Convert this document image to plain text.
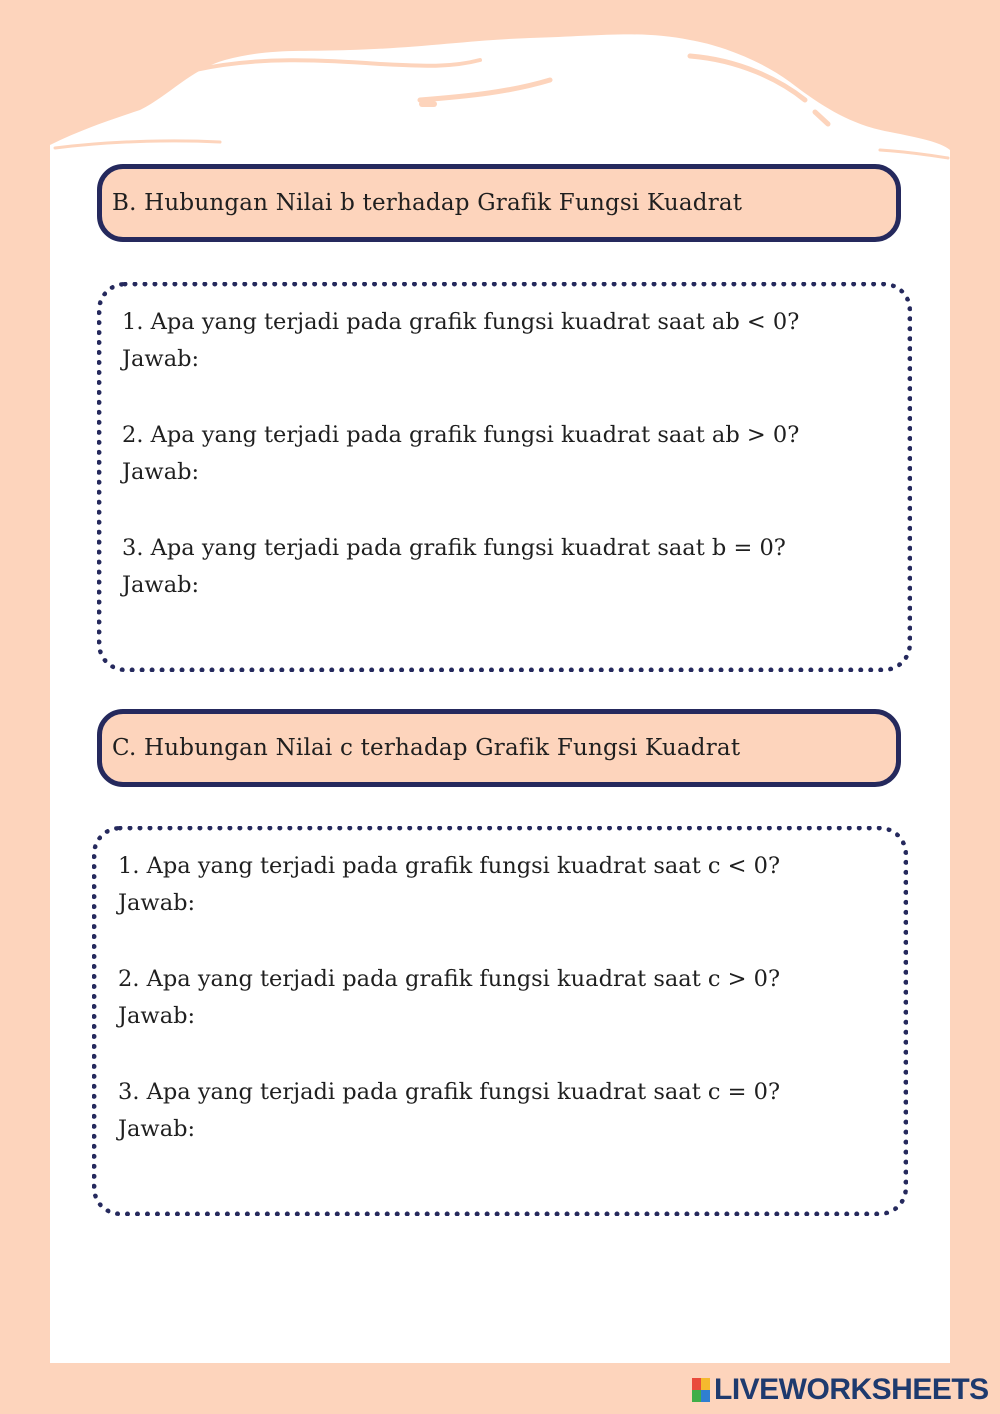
B. Hubungan Nilai b terhadap Grafik Fungsi Kuadrat
1. Apa yang terjadi pada grafik fungsi kuadrat saat ab < 0?
Jawab:
2. Apa yang terjadi pada grafik fungsi kuadrat saat ab > 0?
Jawab:
3. Apa yang terjadi pada grafik fungsi kuadrat saat b = 0?
Jawab:
C. Hubungan Nilai c terhadap Grafik Fungsi Kuadrat
1. Apa yang terjadi pada grafik fungsi kuadrat saat c < 0?
Jawab:
2. Apa yang terjadi pada grafik fungsi kuadrat saat c > 0?
Jawab:
3. Apa yang terjadi pada grafik fungsi kuadrat saat c = 0?
Jawab:
LIVEWORKSHEETS
